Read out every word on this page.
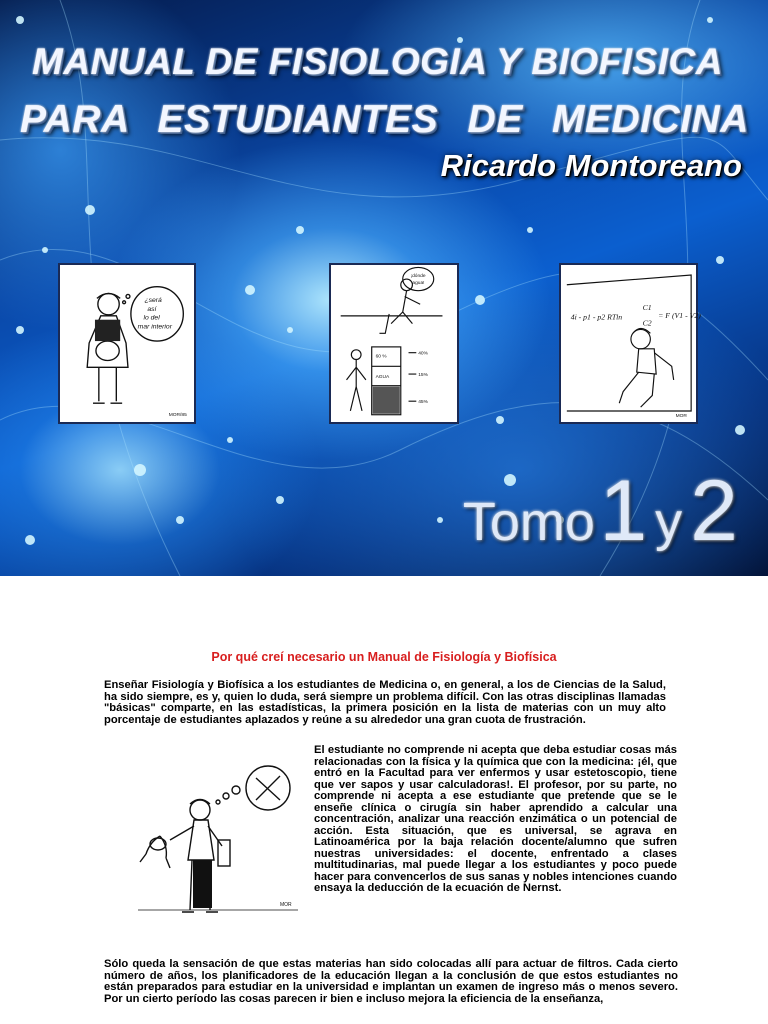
MANUAL DE FISIOLOGIA Y BIOFISICA
PARA ESTUDIANTES DE MEDICINA
Ricardo Montoreano
¿será
así
lo del
mar interior
MOR/85
¡dónde
agua!
60 %
AGUA
40%
15%
45%
4i - p1 - p2 RTln
C1
C2
= F (V1 - V2)
MOR
Tomo 1 y2
Por qué creí necesario un Manual de Fisiología y Biofísica

Enseñar Fisiología y Biofísica a los estudiantes de Medicina o, en general, a los de Ciencias de la Salud, ha sido siempre, es y, quien lo duda, será siempre un problema difícil. Con las otras disciplinas llamadas "básicas" comparte, en las estadísticas, la primera posición en la lista de materias con un muy alto porcentaje de estudiantes aplazados y reúne a su alrededor una gran cuota de frustración.

MOR

El estudiante no comprende ni acepta que deba estudiar cosas más relacionadas con la física y la química que con la medicina: ¡él, que entró en la Facultad para ver enfermos y usar estetoscopio, tiene que ver sapos y usar calculadoras!. El profesor, por su parte, no comprende ni acepta a ese estudiante que pretende que se le enseñe clínica o cirugía sin haber aprendido a calcular una concentración, analizar una reacción enzimática o un potencial de acción. Esta situación, que es universal, se agrava en Latinoamérica por la baja relación docente/alumno que sufren nuestras universidades: el docente, enfrentado a clases multitudinarias, mal puede llegar a los estudiantes y poco puede hacer para convencerlos de sus sanas y nobles intenciones cuando ensaya la deducción de la ecuación de Nernst.

Sólo queda la sensación de que estas materias han sido colocadas allí para actuar de filtros. Cada cierto número de años, los planificadores de la educación llegan a la conclusión de que estos estudiantes no están preparados para estudiar en la universidad e implantan un examen de ingreso más o menos severo. Por un cierto período las cosas parecen ir bien e incluso mejora la eficiencia de la enseñanza,
